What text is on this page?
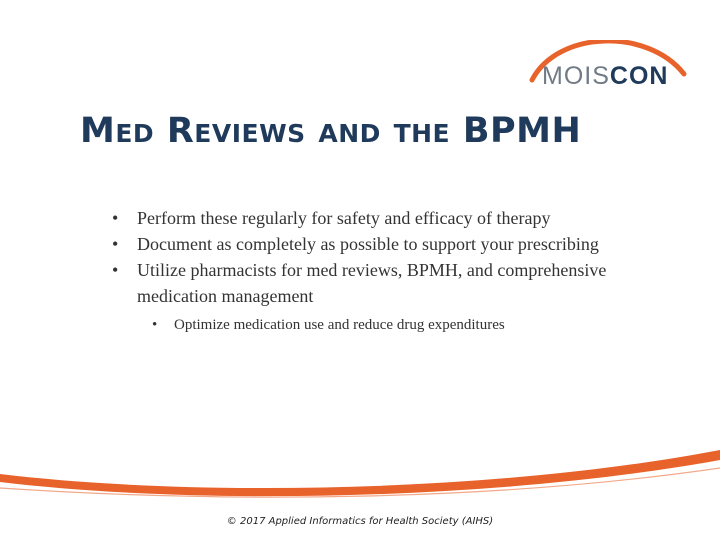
MOISCON
Med Reviews and the BPMH
• Perform these regularly for safety and efficacy of therapy
• Document as completely as possible to support your prescribing
• Utilize pharmacists for med reviews, BPMH, and comprehensive medication management
• Optimize medication use and reduce drug expenditures
© 2017 Applied Informatics for Health Society (AIHS)
